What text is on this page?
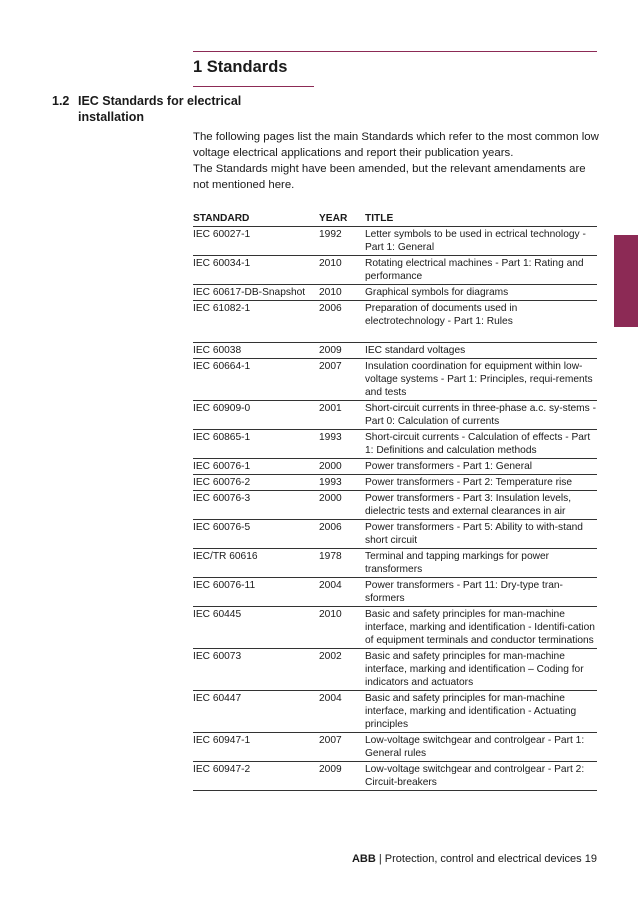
1 Standards
1.2 IEC Standards for electrical
installation

The following pages list the main Standards which refer to the most common low voltage electrical applications and report their publication years.

The Standards might have been amended, but the relevant amendaments are not mentioned here.

STANDARD	YEAR	TITLE
IEC 60027-1	1992	Letter symbols to be used in ectrical technology - Part 1: General
IEC 60034-1	2010	Rotating electrical machines - Part 1: Rating and performance
IEC 60617-DB-Snapshot	2010	Graphical symbols for diagrams
IEC 61082-1	2006	Preparation of documents used in electrotechnology - Part 1: Rules
IEC 60038	2009	IEC standard voltages
IEC 60664-1	2007	Insulation coordination for equipment within low-voltage systems - Part 1: Principles, requi-rements and tests
IEC 60909-0	2001	Short-circuit currents in three-phase a.c. sy-stems - Part 0: Calculation of currents
IEC 60865-1	1993	Short-circuit currents - Calculation of effects - Part 1: Definitions and calculation methods
IEC 60076-1	2000	Power transformers - Part 1: General
IEC 60076-2	1993	Power transformers - Part 2: Temperature rise
IEC 60076-3	2000	Power transformers - Part 3: Insulation levels, dielectric tests and external clearances in air
IEC 60076-5	2006	Power transformers - Part 5: Ability to with-stand short circuit
IEC/TR 60616	1978	Terminal and tapping markings for power transformers
IEC 60076-11	2004	Power transformers - Part 11: Dry-type tran-sformers
IEC 60445	2010	Basic and safety principles for man-machine interface, marking and identification - Identifi-cation of equipment terminals and conductor terminations
IEC 60073	2002	Basic and safety principles for man-machine interface, marking and identification – Coding for indicators and actuators
IEC 60447	2004	Basic and safety principles for man-machine interface, marking and identification - Actuating principles
IEC 60947-1	2007	Low-voltage switchgear and controlgear - Part 1: General rules
IEC 60947-2	2009	Low-voltage switchgear and controlgear - Part 2: Circuit-breakers
ABB | Protection, control and electrical devices 19
